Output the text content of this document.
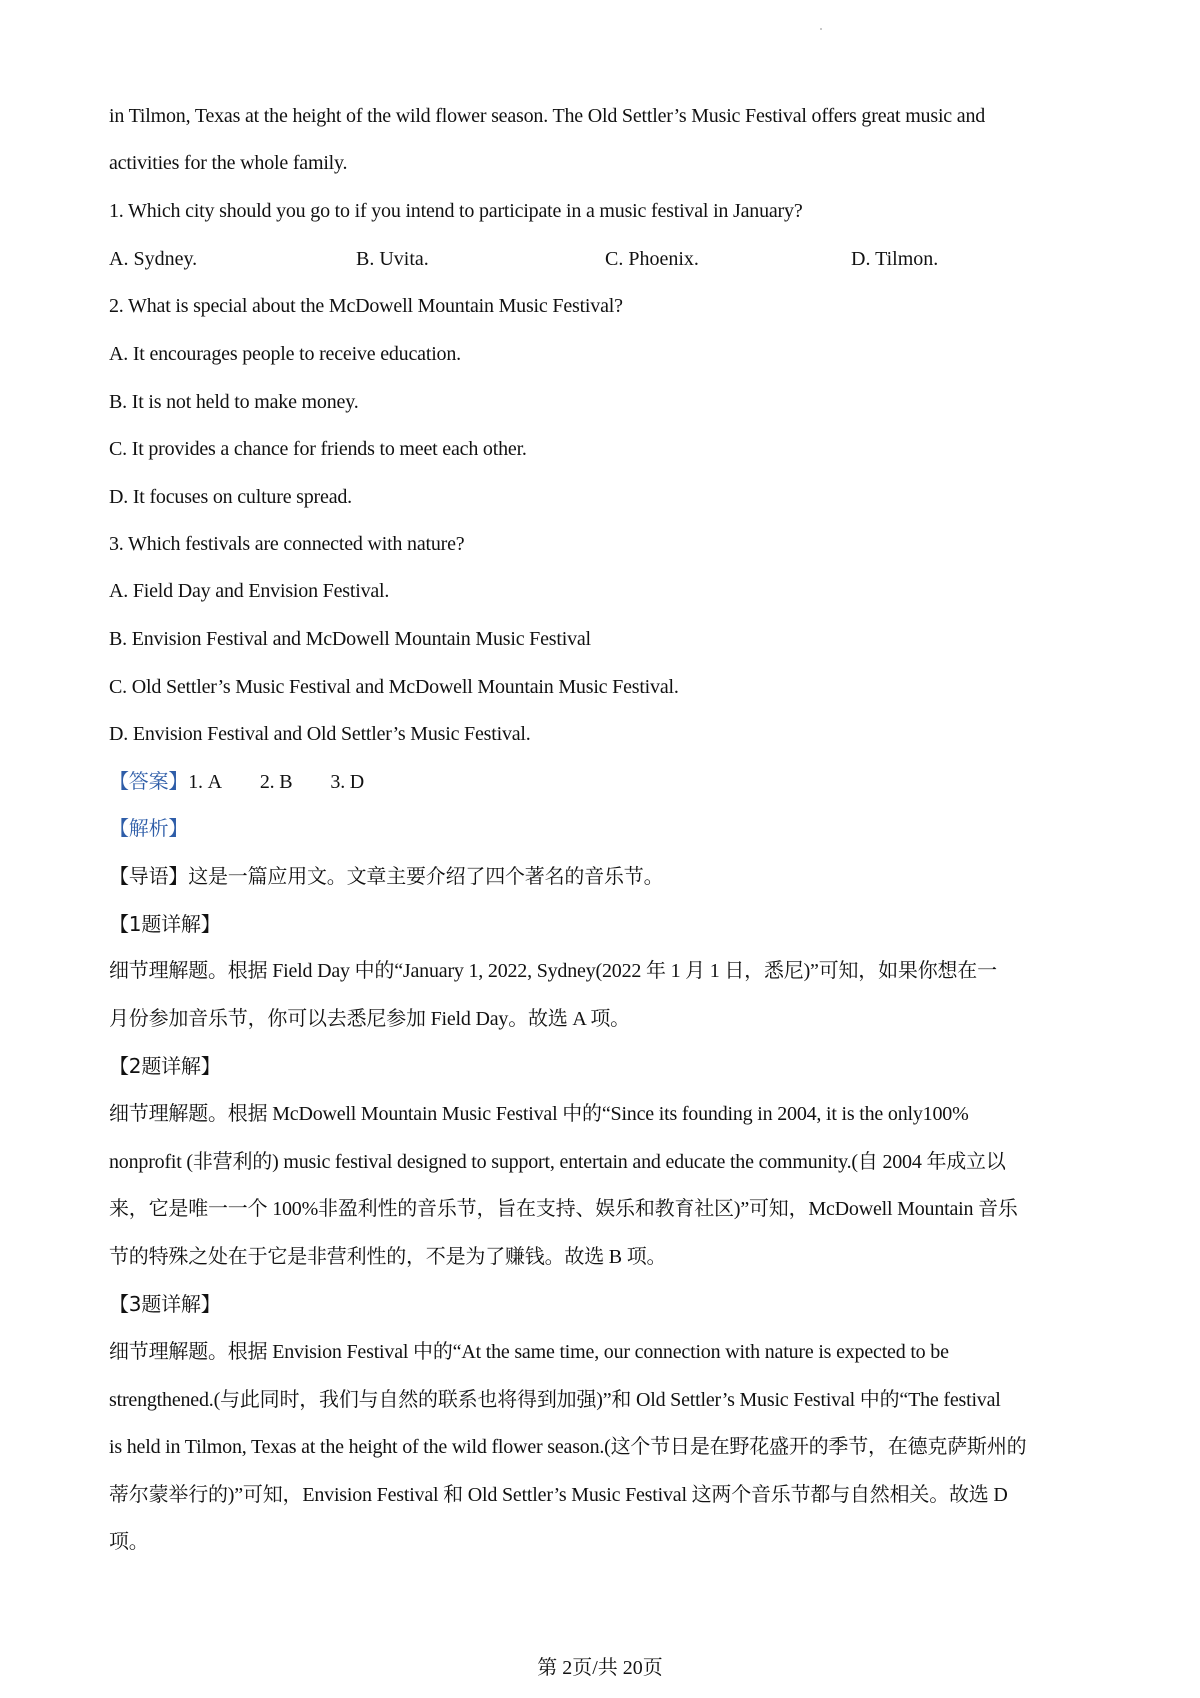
in Tilmon, Texas at the height of the wild flower season. The Old Settler’s Music Festival offers great music and
activities for the whole family.
1. Which city should you go to if you intend to participate in a music festival in January?
A. Sydney.	B. Uvita.	C. Phoenix.	D. Tilmon.
2. What is special about the McDowell Mountain Music Festival?
A. It encourages people to receive education.
B. It is not held to make money.
C. It provides a chance for friends to meet each other.
D. It focuses on culture spread.
3. Which festivals are connected with nature?
A. Field Day and Envision Festival.
B. Envision Festival and McDowell Mountain Music Festival
C. Old Settler’s Music Festival and McDowell Mountain Music Festival.
D. Envision Festival and Old Settler’s Music Festival.
【答案】1. A 2. B 3. D
【解析】
【导语】这是一篇应用文。文章主要介绍了四个著名的音乐节。
【1题详解】
细节理解题。根据 Field Day 中的“January 1, 2022, Sydney(2022 年 1 月 1 日，悉尼)”可知，如果你想在一
月份参加音乐节，你可以去悉尼参加 Field Day。故选 A 项。
【2题详解】
细节理解题。根据 McDowell Mountain Music Festival 中的“Since its founding in 2004, it is the only100%
nonprofit (非营利的) music festival designed to support, entertain and educate the community.(自 2004 年成立以
来，它是唯一一个 100%非盈利性的音乐节，旨在支持、娱乐和教育社区)”可知，McDowell Mountain 音乐
节的特殊之处在于它是非营利性的，不是为了赚钱。故选 B 项。
【3题详解】
细节理解题。根据 Envision Festival 中的“At the same time, our connection with nature is expected to be
strengthened.(与此同时，我们与自然的联系也将得到加强)”和 Old Settler’s Music Festival 中的“The festival
is held in Tilmon, Texas at the height of the wild flower season.(这个节日是在野花盛开的季节，在德克萨斯州的
蒂尔蒙举行的)”可知，Envision Festival 和 Old Settler’s Music Festival 这两个音乐节都与自然相关。故选 D
项。
第 2页/共 20页
